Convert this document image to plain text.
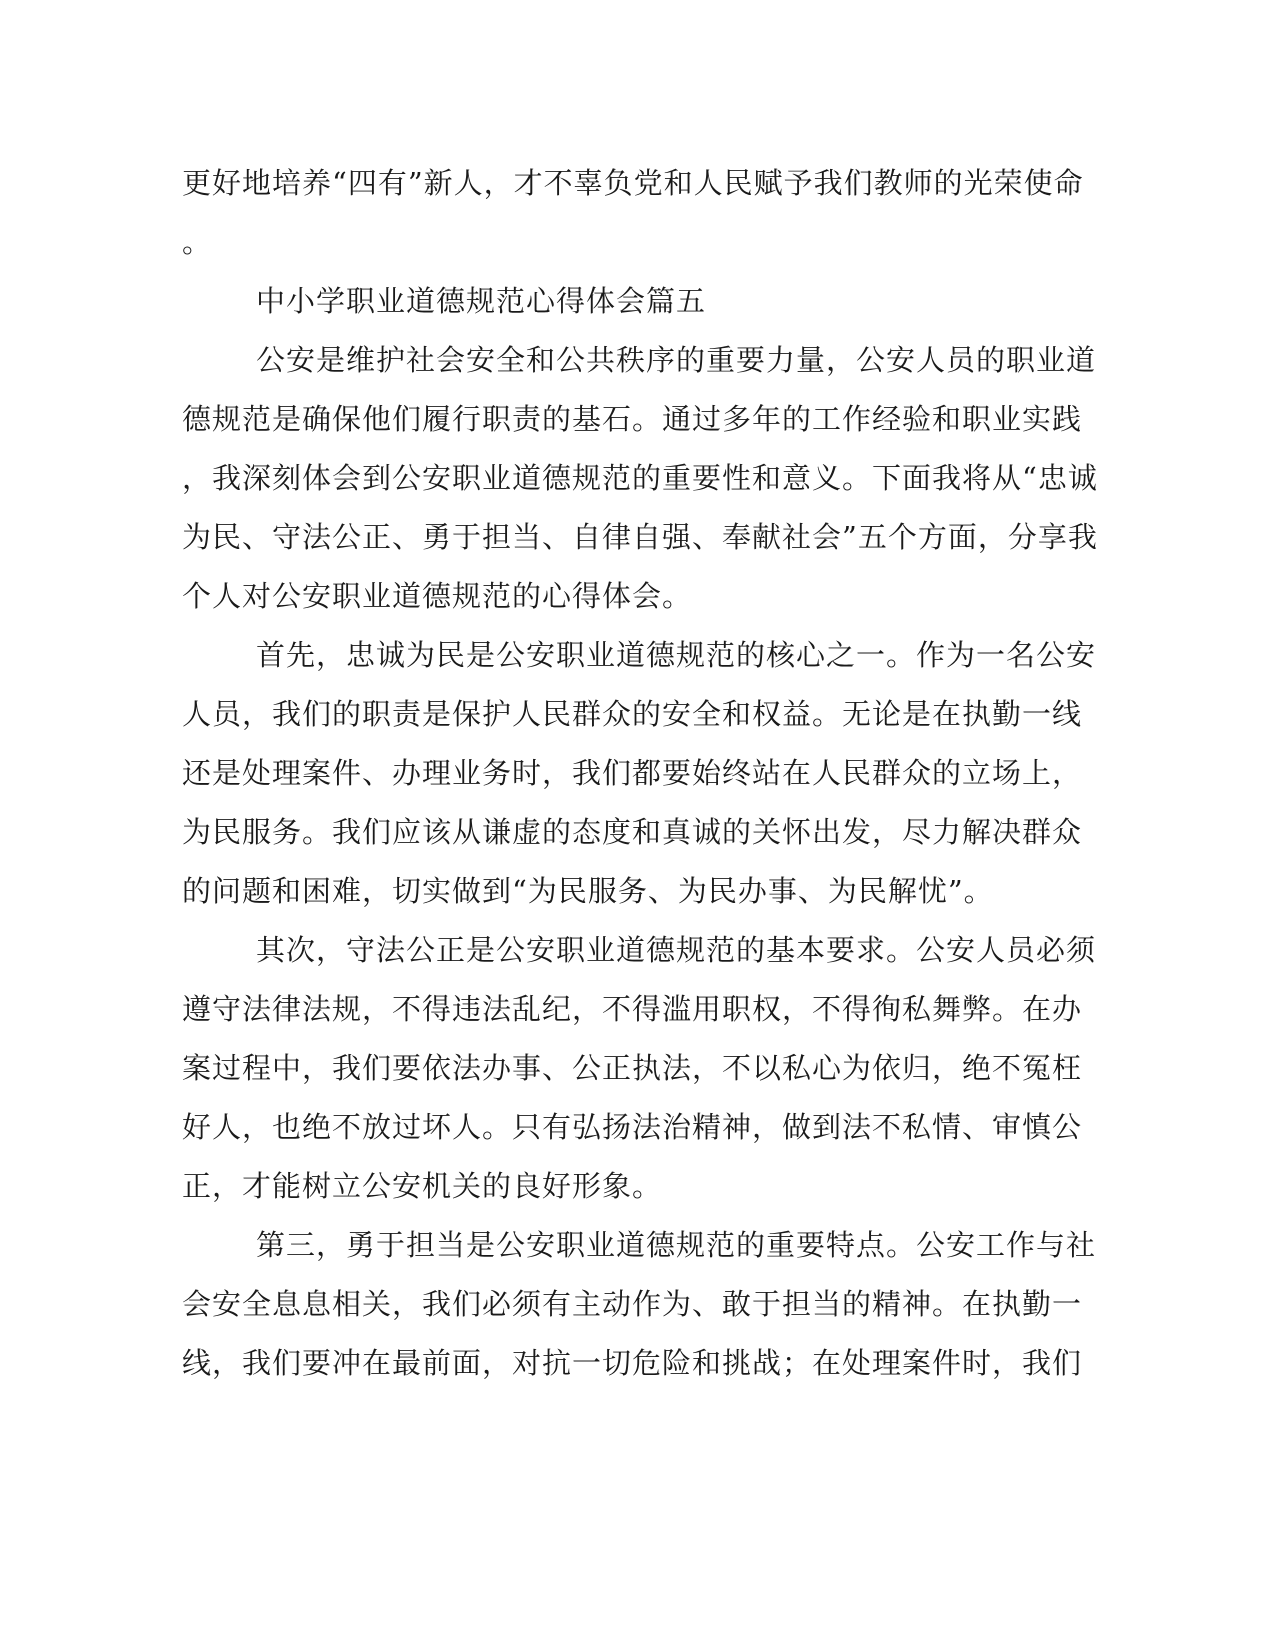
更好地培养“四有”新人，才不辜负党和人民赋予我们教师的光荣使命
。
中小学职业道德规范心得体会篇五
公安是维护社会安全和公共秩序的重要力量，公安人员的职业道
德规范是确保他们履行职责的基石。通过多年的工作经验和职业实践
，我深刻体会到公安职业道德规范的重要性和意义。下面我将从“忠诚
为民、守法公正、勇于担当、自律自强、奉献社会”五个方面，分享我
个人对公安职业道德规范的心得体会。
首先，忠诚为民是公安职业道德规范的核心之一。作为一名公安
人员，我们的职责是保护人民群众的安全和权益。无论是在执勤一线
还是处理案件、办理业务时，我们都要始终站在人民群众的立场上，
为民服务。我们应该从谦虚的态度和真诚的关怀出发，尽力解决群众
的问题和困难，切实做到“为民服务、为民办事、为民解忧”。
其次，守法公正是公安职业道德规范的基本要求。公安人员必须
遵守法律法规，不得违法乱纪，不得滥用职权，不得徇私舞弊。在办
案过程中，我们要依法办事、公正执法，不以私心为依归，绝不冤枉
好人，也绝不放过坏人。只有弘扬法治精神，做到法不私情、审慎公
正，才能树立公安机关的良好形象。
第三，勇于担当是公安职业道德规范的重要特点。公安工作与社
会安全息息相关，我们必须有主动作为、敢于担当的精神。在执勤一
线，我们要冲在最前面，对抗一切危险和挑战；在处理案件时，我们
